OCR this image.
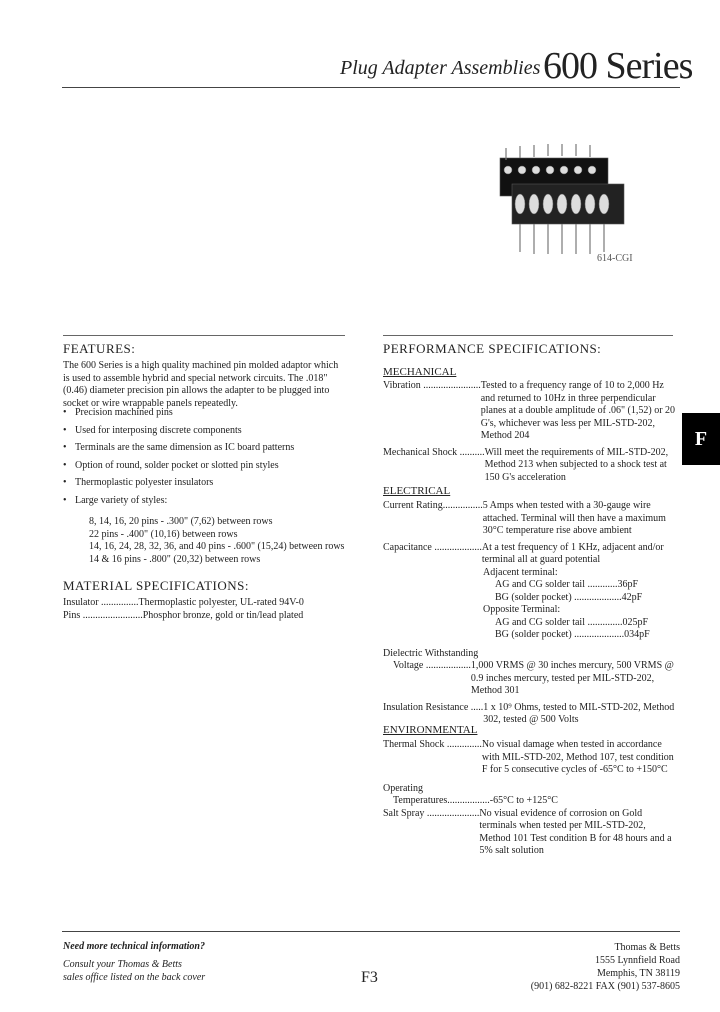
Plug Adapter Assemblies 600 Series
614-CGI
FEATURES:
The 600 Series is a high quality machined pin molded adaptor which is used to assemble hybrid and special network circuits. The .018" (0.46) diameter precision pin allows the adapter to be plugged into socket or wire wrappable panels repeatedly.
• Precision machined pins
• Used for interposing discrete components
• Terminals are the same dimension as IC board patterns
• Option of round, solder pocket or slotted pin styles
• Thermoplastic polyester insulators
• Large variety of styles:
8, 14, 16, 20 pins - .300" (7,62) between rows
22 pins - .400" (10,16) between rows
14, 16, 24, 28, 32, 36, and 40 pins - .600" (15,24) between rows
14 & 16 pins - .800" (20,32) between rows
MATERIAL SPECIFICATIONS:
Insulator ............... Thermoplastic polyester, UL-rated 94V-0
Pins ........................ Phosphor bronze, gold or tin/lead plated
PERFORMANCE SPECIFICATIONS:
MECHANICAL
Vibration ....................... Tested to a frequency range of 10 to 2,000 Hz and returned to 10Hz in three perpendicular planes at a double amplitude of .06" (1,52) or 20 G's, whichever was less per MIL-STD-202, Method 204
Mechanical Shock .......... Will meet the requirements of MIL-STD-202, Method 213 when subjected to a shock test at 150 G's acceleration
ELECTRICAL
Current Rating................ 5 Amps when tested with a 30-gauge wire attached. Terminal will then have a maximum 30°C temperature rise above ambient
Capacitance ................... At a test frequency of 1 KHz, adjacent and/or terminal all at guard potential
Adjacent terminal:
AG and CG solder tail ........... .36pF
BG (solder pocket) .................. .42pF
Opposite Terminal:
AG and CG solder tail ............. .025pF
BG (solder pocket) ................... .034pF
Dielectric Withstanding
Voltage .................. 1,000 VRMS @ 30 inches mercury, 500 VRMS @ 0.9 inches mercury, tested per MIL-STD-202, Method 301
Insulation Resistance ..... 1 x 10⁹ Ohms, tested to MIL-STD-202, Method 302, tested @ 500 Volts
ENVIRONMENTAL
Thermal Shock .............. No visual damage when tested in accordance with MIL-STD-202, Method 107, test condition F for 5 consecutive cycles of -65°C to +150°C
Operating
Temperatures................. -65°C to +125°C
Salt Spray ..................... No visual evidence of corrosion on Gold terminals when tested per MIL-STD-202, Method 101 Test condition B for 48 hours and a 5% salt solution
F
Need more technical information?
Consult your Thomas & Betts
sales office listed on the back cover	F3
Thomas & Betts
1555 Lynnfield Road
Memphis, TN 38119
(901) 682-8221 FAX (901) 537-8605
